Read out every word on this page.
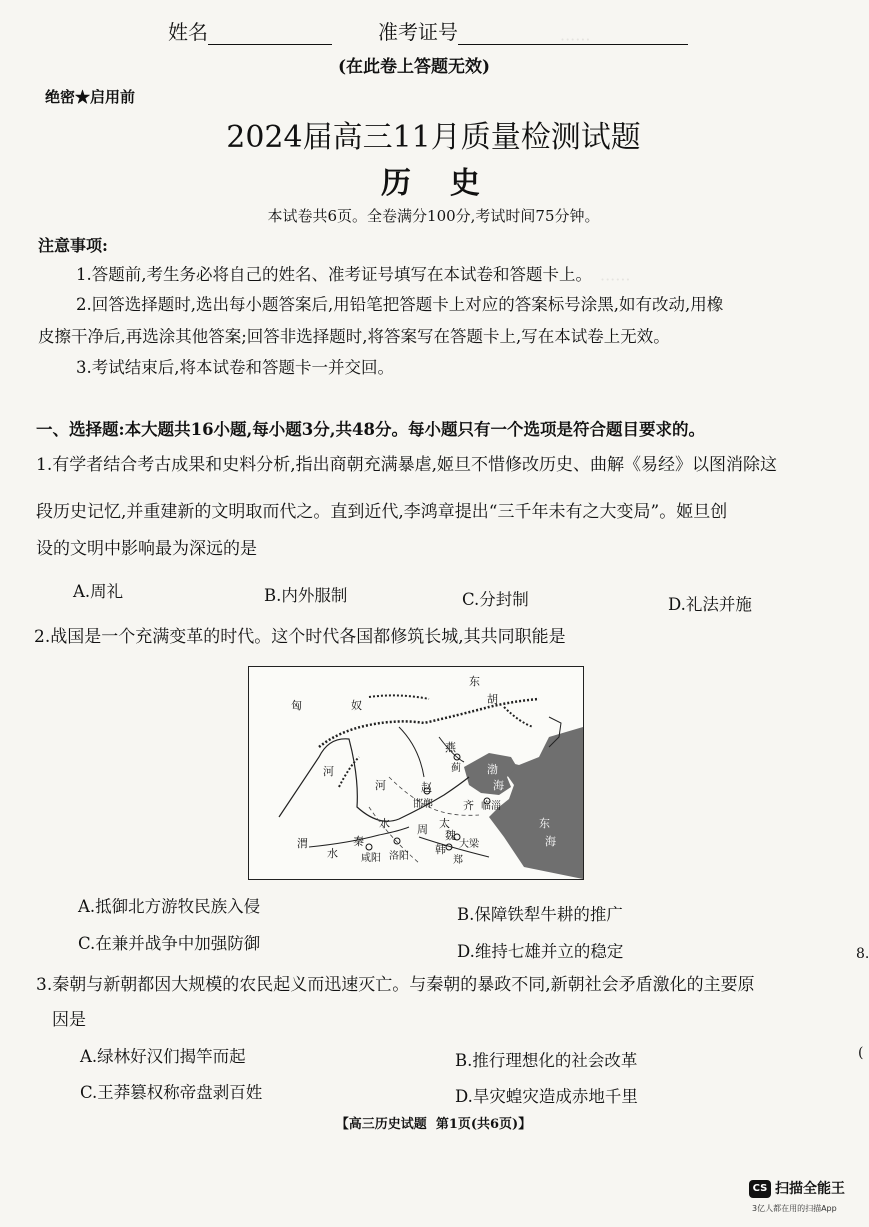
······
······
姓名	准考证号
(在此卷上答题无效)
绝密★启用前
2024届高三11月质量检测试题
历  史
本试卷共6页。全卷满分100分,考试时间75分钟。
注意事项:
1.答题前,考生务必将自己的姓名、准考证号填写在本试卷和答题卡上。
2.回答选择题时,选出每小题答案后,用铅笔把答题卡上对应的答案标号涂黑,如有改动,用橡
皮擦干净后,再选涂其他答案;回答非选择题时,将答案写在答题卡上,写在本试卷上无效。
3.考试结束后,将本试卷和答题卡一并交回。
一、选择题:本大题共16小题,每小题3分,共48分。每小题只有一个选项是符合题目要求的。
1.有学者结合考古成果和史料分析,指出商朝充满暴虐,姬旦不惜修改历史、曲解《易经》以图消除这
段历史记忆,并重建新的文明取而代之。直到近代,李鸿章提出“三千年未有之大变局”。姬旦创
设的文明中影响最为深远的是
A.周礼	B.内外服制	C.分封制	D.礼法并施
2.战国是一个充满变革的时代。这个时代各国都修筑长城,其共同职能是
东
胡
匈	奴
燕
蓟 渤
海
东
海
河	赵
邯郸	齐 临淄
水 周 太
魏
大梁
韩
郑
渭
水
秦
咸阳 洛阳
河
A.抵御北方游牧民族入侵	B.保障铁犁牛耕的推广
C.在兼并战争中加强防御	D.维持七雄并立的稳定
3.秦朝与新朝都因大规模的农民起义而迅速灭亡。与秦朝的暴政不同,新朝社会矛盾激化的主要原
因是
A.绿林好汉们揭竿而起	B.推行理想化的社会改革
C.王莽篡权称帝盘剥百姓	D.旱灾蝗灾造成赤地千里
【高三历史试题  第1页(共6页)】
8.
(
CS 扫描全能王
3亿人都在用的扫描App
